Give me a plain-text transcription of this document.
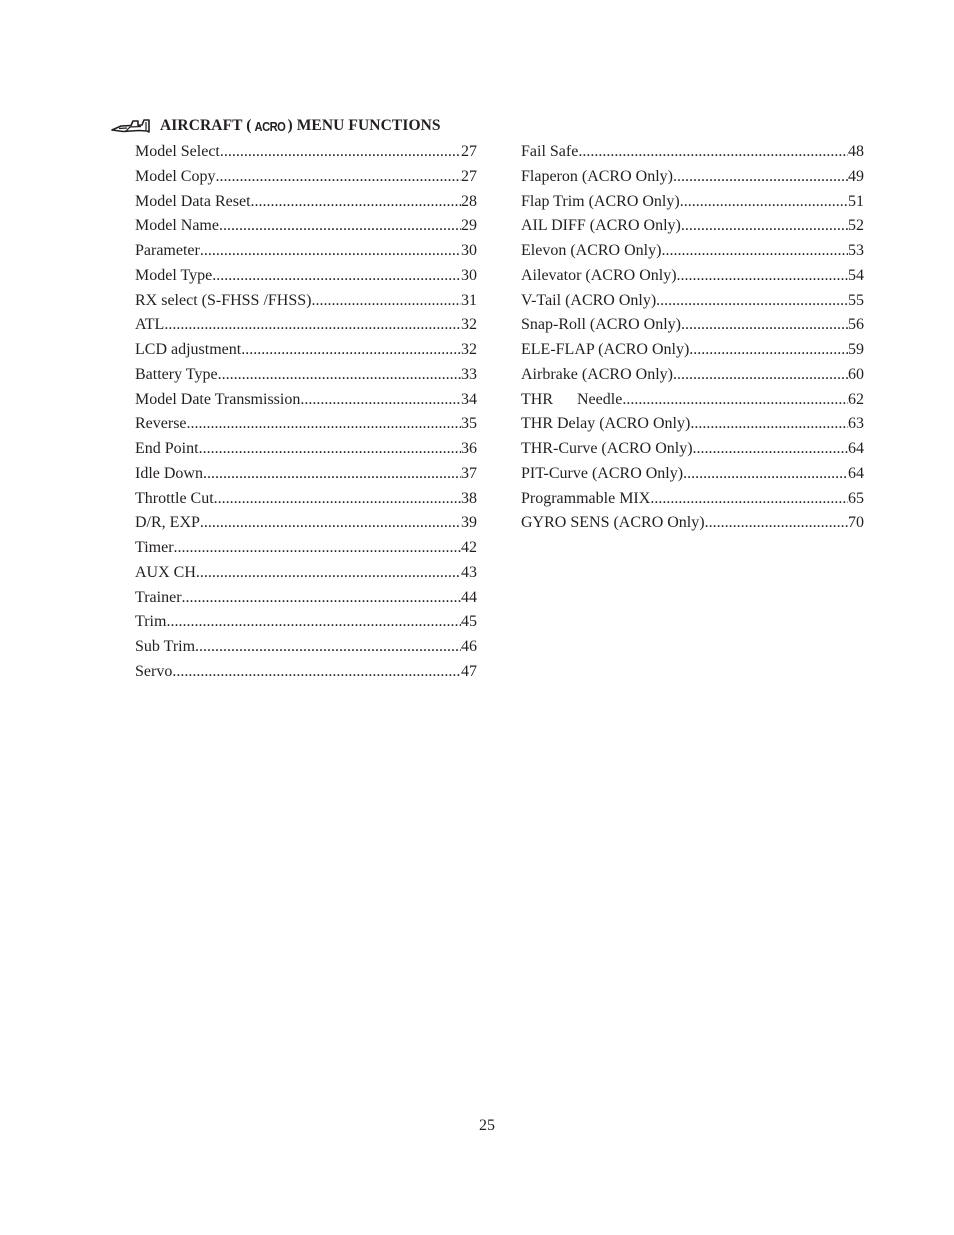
AIRCRAFT ( ACRO ) MENU FUNCTIONS
Model Select .....	27
Model Copy .....	27
Model Data Reset .....	28
Model Name .....	29
Parameter .....	30
Model Type .....	30
RX select (S-FHSS /FHSS) .....	31
ATL .....	32
LCD adjustment .....	32
Battery Type .....	33
Model Date Transmission .....	34
Reverse .....	35
End Point .....	36
Idle Down .....	37
Throttle Cut .....	38
D/R, EXP .....	39
Timer .....	42
AUX CH .....	43
Trainer .....	44
Trim .....	45
Sub Trim .....	46
Servo .....	47
Fail Safe .....	48
Flaperon (ACRO Only) .....	49
Flap Trim (ACRO Only) .....	51
AIL DIFF (ACRO Only) .....	52
Elevon (ACRO Only) .....	53
Ailevator (ACRO Only) .....	54
V-Tail (ACRO Only) .....	55
Snap-Roll (ACRO Only) .....	56
ELE-FLAP (ACRO Only) .....	59
Airbrake (ACRO Only) .....	60
THR      Needle .....	62
THR Delay (ACRO Only) .....	63
THR-Curve (ACRO Only) .....	64
PIT-Curve (ACRO Only) .....	64
Programmable MIX .....	65
GYRO SENS (ACRO Only) .....	70
25
